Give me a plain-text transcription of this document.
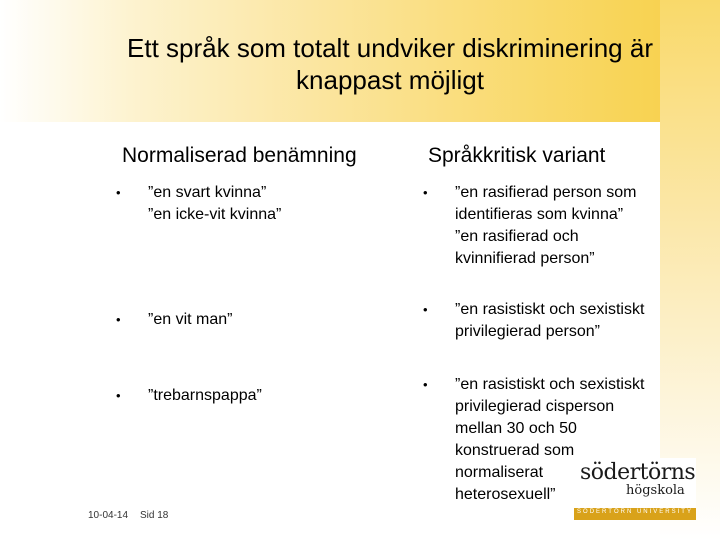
Ett språk som totalt undviker diskriminering är
knappast möjligt
Normaliserad benämning	Språkkritisk variant
• ”en svart kvinna”
”en icke-vit kvinna”
• ”en vit man”
• ”trebarnspappa”
• ”en rasifierad person som
identifieras som kvinna”
”en rasifierad och
kvinnifierad person”
• ”en rasistiskt och sexistiskt
privilegierad person”
• ”en rasistiskt och sexistiskt
privilegierad cisperson
mellan 30 och 50
konstruerad som
normaliserat
heterosexuell”
10-04-14 Sid 18
södertörns
högskola
SÖDERTÖRN UNIVERSITY
